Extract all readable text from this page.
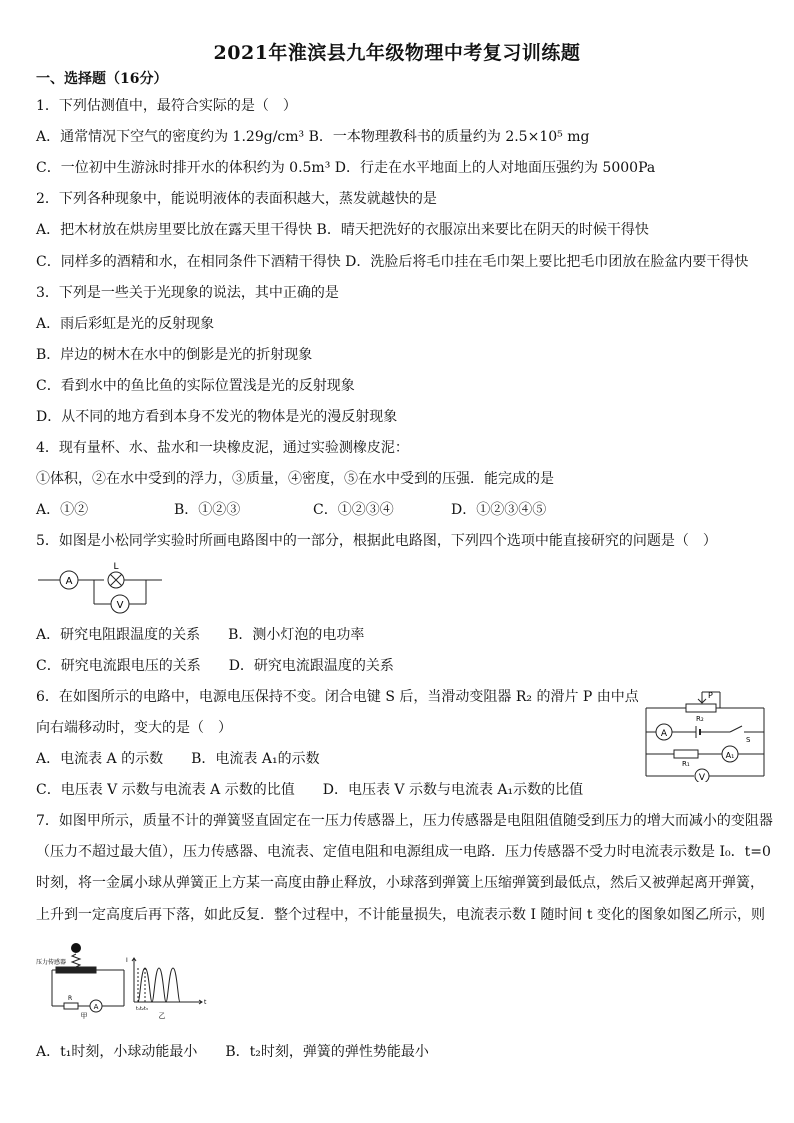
2021年淮滨县九年级物理中考复习训练题
一、选择题（16分）
1．下列估测值中，最符合实际的是（　）
A．通常情况下空气的密度约为 1.29g/cm³ B．一本物理教科书的质量约为 2.5×10⁵ mg
C．一位初中生游泳时排开水的体积约为 0.5m³ D．行走在水平地面上的人对地面压强约为 5000Pa
2．下列各种现象中，能说明液体的表面积越大，蒸发就越快的是
A．把木材放在烘房里要比放在露天里干得快 B．晴天把洗好的衣服凉出来要比在阴天的时候干得快
C．同样多的酒精和水，在相同条件下酒精干得快 D．洗脸后将毛巾挂在毛巾架上要比把毛巾团放在脸盆内要干得快
3．下列是一些关于光现象的说法，其中正确的是
A．雨后彩虹是光的反射现象
B．岸边的树木在水中的倒影是光的折射现象
C．看到水中的鱼比鱼的实际位置浅是光的反射现象
D．从不同的地方看到本身不发光的物体是光的漫反射现象
4．现有量杯、水、盐水和一块橡皮泥，通过实验测橡皮泥：
①体积，②在水中受到的浮力，③质量，④密度，⑤在水中受到的压强．能完成的是
A．①②	B．①②③	C．①②③④	D．①②③④⑤
5．如图是小松同学实验时所画电路图中的一部分，根据此电路图，下列四个选项中能直接研究的问题是（　）
A
L
V
A．研究电阻跟温度的关系　　B．测小灯泡的电功率
C．研究电流跟电压的关系　　D．研究电流跟温度的关系
6．在如图所示的电路中，电源电压保持不变。闭合电键 S 后，当滑动变阻器 R₂ 的滑片 P 由中点
向右端移动时，变大的是（　）
A．电流表 A 的示数　　B．电流表 A₁的示数
C．电压表 V 示数与电流表 A 示数的比值　　D．电压表 V 示数与电流表 A₁示数的比值
P
R₂
A
S
R₁
A₁
V
7．如图甲所示，质量不计的弹簧竖直固定在一压力传感器上，压力传感器是电阻阻值随受到压力的增大而减小的变阻器
（压力不超过最大值），压力传感器、电流表、定值电阻和电源组成一电路．压力传感器不受力时电流表示数是 I₀．t=0
时刻，将一金属小球从弹簧正上方某一高度由静止释放，小球落到弹簧上压缩弹簧到最低点，然后又被弹起离开弹簧，
上升到一定高度后再下落，如此反复．整个过程中，不计能量损失，电流表示数 I 随时间 t 变化的图象如图乙所示，则
压力传感器
R
A
甲
I
t
t₁t₂t₃
乙
A．t₁时刻，小球动能最小　　B．t₂时刻，弹簧的弹性势能最小
